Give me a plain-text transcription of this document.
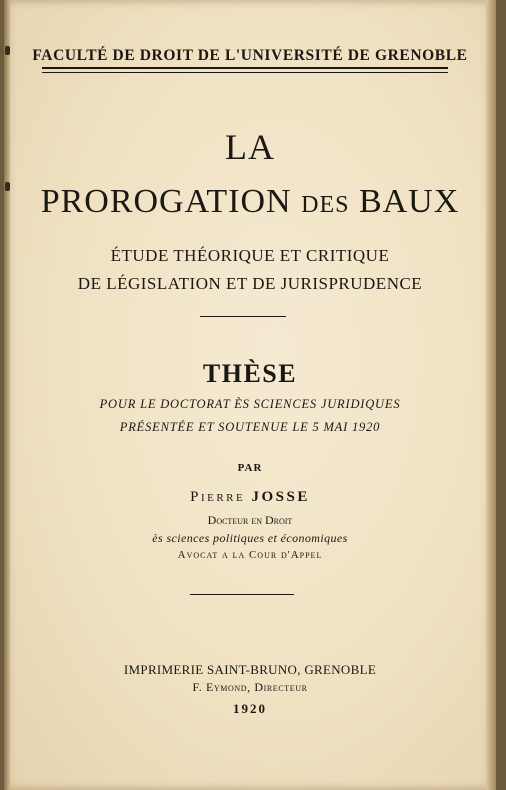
FACULTÉ DE DROIT DE L'UNIVERSITÉ DE GRENOBLE
LA
PROROGATION DES BAUX
ÉTUDE THÉORIQUE ET CRITIQUE
DE LÉGISLATION ET DE JURISPRUDENCE
THÈSE
POUR LE DOCTORAT ÈS SCIENCES JURIDIQUES
PRÉSENTÉE ET SOUTENUE LE 5 MAI 1920
PAR
Pierre JOSSE
Docteur en Droit
ès sciences politiques et économiques
Avocat a la Cour d'Appel
IMPRIMERIE SAINT-BRUNO, GRENOBLE
F. Eymond, Directeur
1920
